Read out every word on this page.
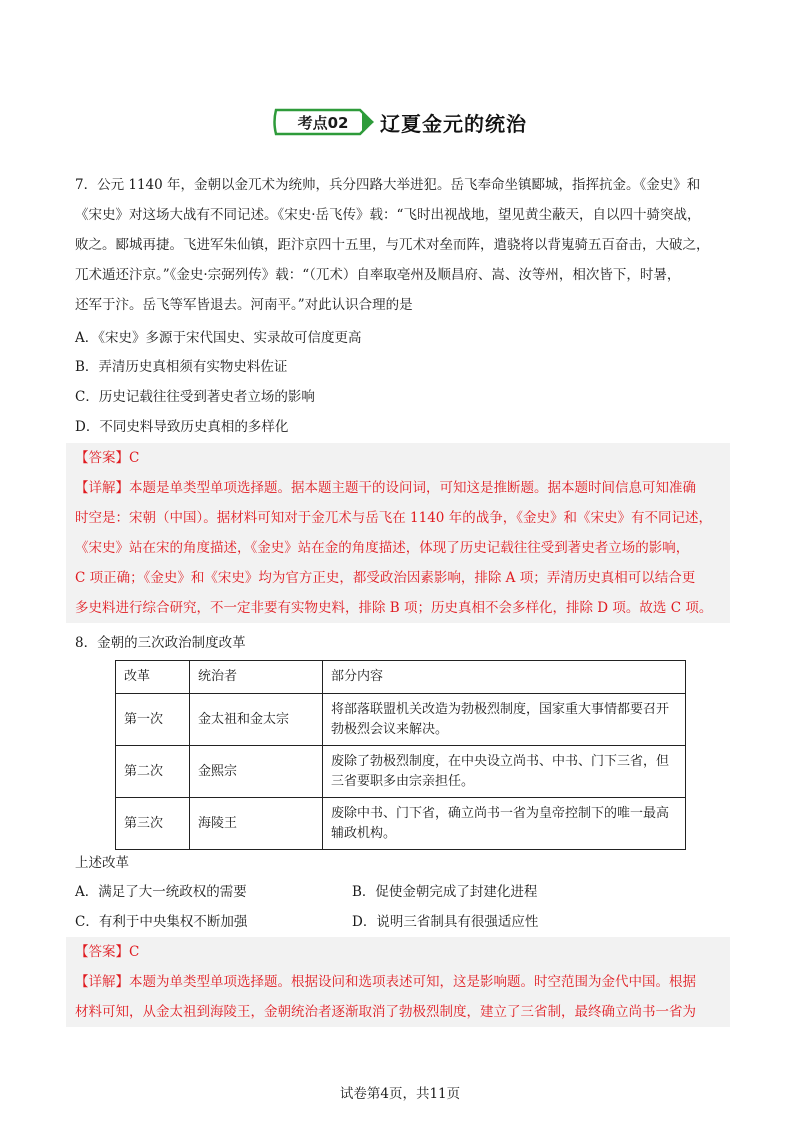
考点02	辽夏金元的统治
7．公元 1140 年，金朝以金兀术为统帅，兵分四路大举进犯。岳飞奉命坐镇郾城，指挥抗金。《金史》和
《宋史》对这场大战有不同记述。《宋史·岳飞传》载：“飞时出视战地，望见黄尘蔽天，自以四十骑突战，
败之。郾城再捷。飞进军朱仙镇，距汴京四十五里，与兀术对垒而阵，遣骁将以背嵬骑五百奋击，大破之，
兀术遁还汴京。”《金史·宗弼列传》载：“（兀术）自率取亳州及顺昌府、嵩、汝等州，相次皆下，时暑，
还军于汴。岳飞等军皆退去。河南平。”对此认识合理的是
A．《宋史》多源于宋代国史、实录故可信度更高
B．弄清历史真相须有实物史料佐证
C．历史记载往往受到著史者立场的影响
D．不同史料导致历史真相的多样化
【答案】C
【详解】本题是单类型单项选择题。据本题主题干的设问词，可知这是推断题。据本题时间信息可知准确
时空是：宋朝（中国）。据材料可知对于金兀术与岳飞在 1140 年的战争，《金史》和《宋史》有不同记述，
《宋史》站在宋的角度描述，《金史》站在金的角度描述，体现了历史记载往往受到著史者立场的影响，
C 项正确；《金史》和《宋史》均为官方正史，都受政治因素影响，排除 A 项；弄清历史真相可以结合更
多史料进行综合研究，不一定非要有实物史料，排除 B 项；历史真相不会多样化，排除 D 项。故选 C 项。
8．金朝的三次政治制度改革
改革	统治者	部分内容
第一次	金太祖和金太宗	将部落联盟机关改造为勃极烈制度，国家重大事情都要召开勃极烈会议来解决。
第二次	金熙宗	废除了勃极烈制度，在中央设立尚书、中书、门下三省，但三省要职多由宗亲担任。
第三次	海陵王	废除中书、门下省，确立尚书一省为皇帝控制下的唯一最高辅政机构。
上述改革
A．满足了大一统政权的需要	B．促使金朝完成了封建化进程
C．有利于中央集权不断加强	D．说明三省制具有很强适应性
【答案】C
【详解】本题为单类型单项选择题。根据设问和选项表述可知，这是影响题。时空范围为金代中国。根据
材料可知，从金太祖到海陵王，金朝统治者逐渐取消了勃极烈制度，建立了三省制，最终确立尚书一省为
试卷第4页，共11页
